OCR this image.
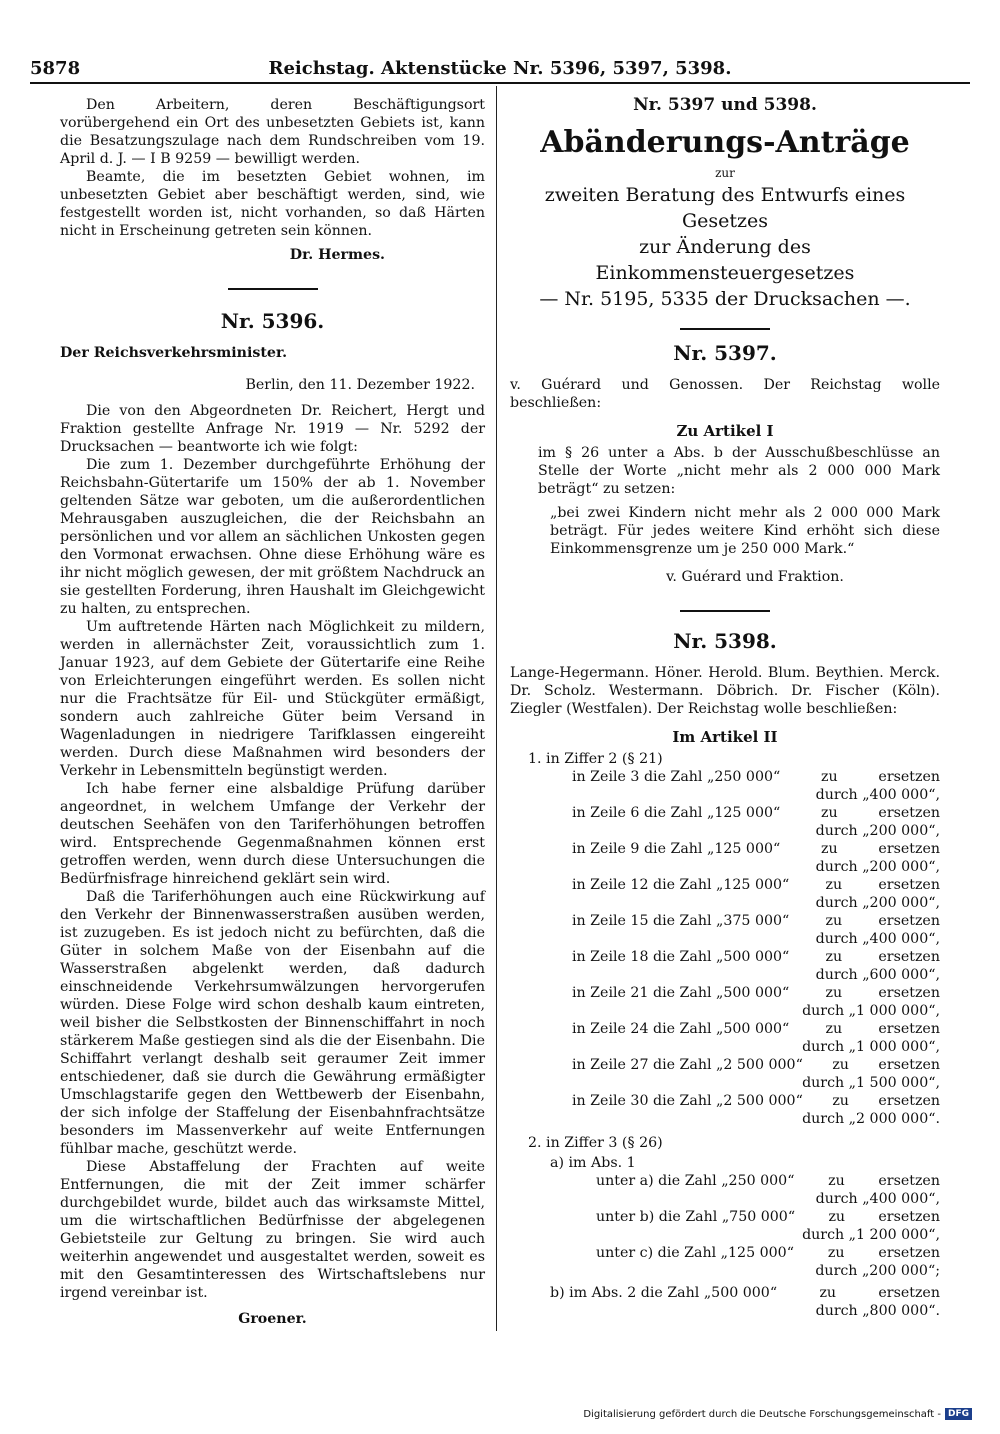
5878	Reichstag. Aktenstücke Nr. 5396, 5397, 5398.

Den Arbeitern, deren Beschäftigungsort vorübergehend ein Ort des unbesetzten Gebiets ist, kann die Besatzungszulage nach dem Rundschreiben vom 19. April d. J. — I B 9259 — bewilligt werden.

Beamte, die im besetzten Gebiet wohnen, im unbesetzten Gebiet aber beschäftigt werden, sind, wie festgestellt worden ist, nicht vorhanden, so daß Härten nicht in Erscheinung getreten sein können.

Dr. Hermes.

Nr. 5396.

Der Reichsverkehrsminister.

Berlin, den 11. Dezember 1922.

Die von den Abgeordneten Dr. Reichert, Hergt und Fraktion gestellte Anfrage Nr. 1919 — Nr. 5292 der Drucksachen — beantworte ich wie folgt:

Die zum 1. Dezember durchgeführte Erhöhung der Reichsbahn-Gütertarife um 150% der ab 1. November geltenden Sätze war geboten, um die außerordentlichen Mehrausgaben auszugleichen, die der Reichsbahn an persönlichen und vor allem an sächlichen Unkosten gegen den Vormonat erwachsen. Ohne diese Erhöhung wäre es ihr nicht möglich gewesen, der mit größtem Nachdruck an sie gestellten Forderung, ihren Haushalt im Gleichgewicht zu halten, zu entsprechen.

Um auftretende Härten nach Möglichkeit zu mildern, werden in allernächster Zeit, voraussichtlich zum 1. Januar 1923, auf dem Gebiete der Gütertarife eine Reihe von Erleichterungen eingeführt werden. Es sollen nicht nur die Frachtsätze für Eil- und Stückgüter ermäßigt, sondern auch zahlreiche Güter beim Versand in Wagenladungen in niedrigere Tarifklassen eingereiht werden. Durch diese Maßnahmen wird besonders der Verkehr in Lebensmitteln begünstigt werden.

Ich habe ferner eine alsbaldige Prüfung darüber angeordnet, in welchem Umfange der Verkehr der deutschen Seehäfen von den Tariferhöhungen betroffen wird. Entsprechende Gegenmaßnahmen können erst getroffen werden, wenn durch diese Untersuchungen die Bedürfnisfrage hinreichend geklärt sein wird.

Daß die Tariferhöhungen auch eine Rückwirkung auf den Verkehr der Binnenwasserstraßen ausüben werden, ist zuzugeben. Es ist jedoch nicht zu befürchten, daß die Güter in solchem Maße von der Eisenbahn auf die Wasserstraßen abgelenkt werden, daß dadurch einschneidende Verkehrsumwälzungen hervorgerufen würden. Diese Folge wird schon deshalb kaum eintreten, weil bisher die Selbstkosten der Binnenschiffahrt in noch stärkerem Maße gestiegen sind als die der Eisenbahn. Die Schiffahrt verlangt deshalb seit geraumer Zeit immer entschiedener, daß sie durch die Gewährung ermäßigter Umschlagstarife gegen den Wettbewerb der Eisenbahn, der sich infolge der Staffelung der Eisenbahnfrachtsätze besonders im Massenverkehr auf weite Entfernungen fühlbar mache, geschützt werde.

Diese Abstaffelung der Frachten auf weite Entfernungen, die mit der Zeit immer schärfer durchgebildet wurde, bildet auch das wirksamste Mittel, um die wirtschaftlichen Bedürfnisse der abgelegenen Gebietsteile zur Geltung zu bringen. Sie wird auch weiterhin angewendet und ausgestaltet werden, soweit es mit den Gesamtinteressen des Wirtschaftslebens nur irgend vereinbar ist.

Groener.

Nr. 5397 und 5398.
Abänderungs-Anträge
zur
zweiten Beratung des Entwurfs eines Gesetzes
zur Änderung des Einkommensteuergesetzes
— Nr. 5195, 5335 der Drucksachen —.
Nr. 5397.

v. Guérard und Genossen. Der Reichstag wolle beschließen:

Zu Artikel I

im § 26 unter a Abs. b der Ausschußbeschlüsse an Stelle der Worte „nicht mehr als 2 000 000 Mark beträgt“ zu setzen:

„bei zwei Kindern nicht mehr als 2 000 000 Mark beträgt. Für jedes weitere Kind erhöht sich diese Einkommensgrenze um je 250 000 Mark.“

v. Guérard und Fraktion.

Nr. 5398.

Lange-Hegermann. Höner. Herold. Blum. Beythien. Merck. Dr. Scholz. Westermann. Döbrich. Dr. Fischer (Köln). Ziegler (Westfalen). Der Reichstag wolle beschließen:

Im Artikel II

1. in Ziffer 2 (§ 21)

in Zeile 3 die Zahl „250 000“	zu	ersetzen
durch „400 000“,
in Zeile 6 die Zahl „125 000“	zu	ersetzen
durch „200 000“,
in Zeile 9 die Zahl „125 000“	zu	ersetzen
durch „200 000“,
in Zeile 12 die Zahl „125 000“	zu	ersetzen
durch „200 000“,
in Zeile 15 die Zahl „375 000“	zu	ersetzen
durch „400 000“,
in Zeile 18 die Zahl „500 000“	zu	ersetzen
durch „600 000“,
in Zeile 21 die Zahl „500 000“	zu	ersetzen
durch „1 000 000“,
in Zeile 24 die Zahl „500 000“	zu	ersetzen
durch „1 000 000“,
in Zeile 27 die Zahl „2 500 000“ zu ersetzen
durch „1 500 000“,
in Zeile 30 die Zahl „2 500 000“ zu ersetzen
durch „2 000 000“.

2. in Ziffer 3 (§ 26)

a) im Abs. 1

unter a) die Zahl „250 000“ zu ersetzen
durch „400 000“,
unter b) die Zahl „750 000“ zu ersetzen
durch „1 200 000“,
unter c) die Zahl „125 000“ zu ersetzen
durch „200 000“;
b) im Abs. 2 die Zahl „500 000“	zu	ersetzen
durch „800 000“.
Digitalisierung gefördert durch die Deutsche Forschungsgemeinschaft - DFG
